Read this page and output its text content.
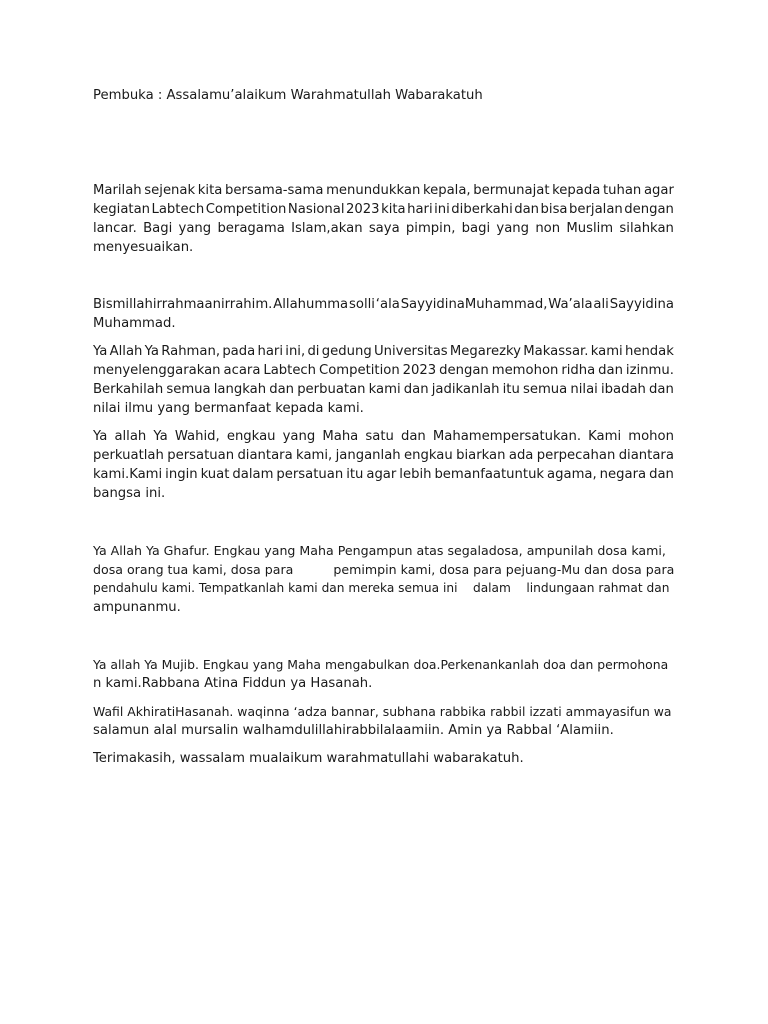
Pembuka : Assalamu’alaikum Warahmatullah Wabarakatuh

Marilah sejenak kita bersama-sama menundukkan kepala, bermunajat kepada tuhan agar

kegiatan Labtech Competition Nasional 2023 kita hari ini diberkahi dan bisa berjalan dengan

lancar. Bagi yang beragama Islam,akan saya pimpin, bagi yang non Muslim silahkan

menyesuaikan.

Bismillahirrahmaanirrahim. Allahumma solli ‘ala SayyidinaMuhammad, Wa’ala ali Sayyidina

Muhammad.

Ya Allah Ya Rahman, pada hari ini, di gedung Universitas Megarezky Makassar. kami hendak

menyelenggarakan acara Labtech Competition 2023 dengan memohon ridha dan izinmu.

Berkahilah semua langkah dan perbuatan kami dan jadikanlah itu semua nilai ibadah dan

nilai ilmu yang bermanfaat kepada kami.

Ya allah Ya Wahid, engkau yang Maha satu dan Mahamempersatukan. Kami mohon

perkuatlah persatuan diantara kami, janganlah engkau biarkan ada perpecahan diantara

kami.Kami ingin kuat dalam persatuan itu agar lebih bemanfaatuntuk agama, negara dan

bangsa ini.

Ya Allah Ya Ghafur. Engkau yang Maha Pengampun atas segaladosa, ampunilah dosa kami,

dosa orang tua kami, dosa para          pemimpin kami, dosa para pejuang-Mu dan dosa para

pendahulu kami. Tempatkanlah kami dan mereka semua ini    dalam    lindungaan rahmat dan

ampunanmu.

Ya allah Ya Mujib. Engkau yang Maha mengabulkan doa.Perkenankanlah doa dan permohona

n kami.Rabbana Atina Fiddun ya Hasanah.

Wafil AkhiratiHasanah. waqinna ‘adza bannar, subhana rabbika rabbil izzati ammayasifun wa

salamun alal mursalin walhamdulillahirabbilalaamiin. Amin ya Rabbal ‘Alamiin.

Terimakasih, wassalam mualaikum warahmatullahi wabarakatuh.
